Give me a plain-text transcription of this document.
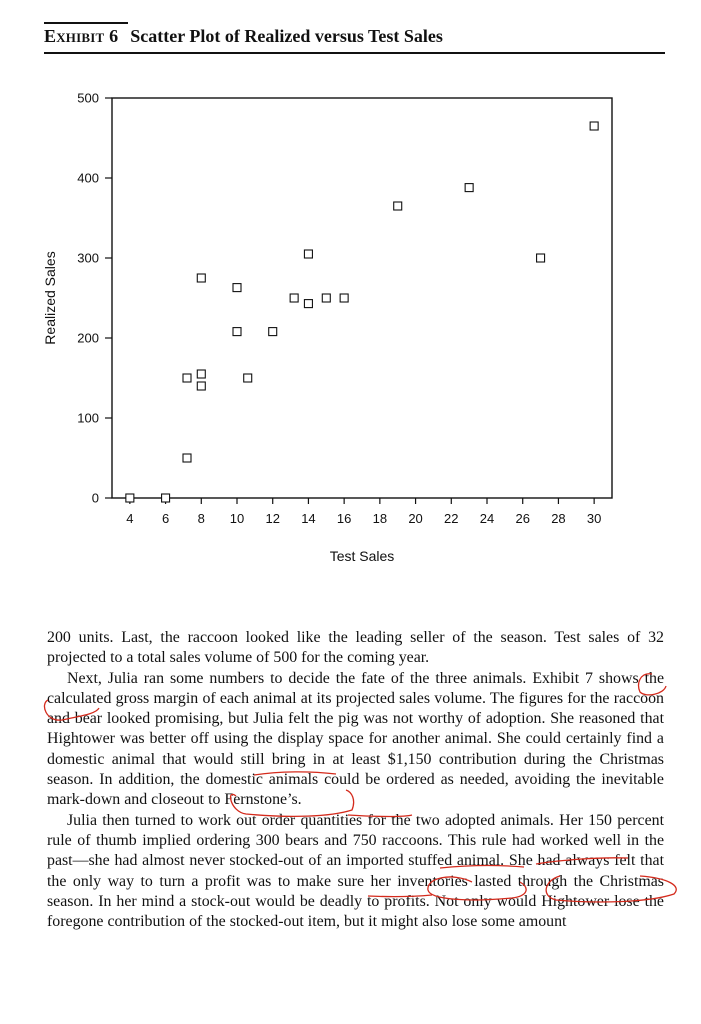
Exhibit 6 Scatter Plot of Realized versus Test Sales
0
100
200
300
400
500
4 6 8 10 12 14 16 18 20 22 24 26 28 30
Test Sales
Realized Sales

200 units. Last, the raccoon looked like the leading seller of the season. Test sales of 32 projected to a total sales volume of 500 for the coming year.

Next, Julia ran some numbers to decide the fate of the three animals. Exhibit 7 shows the calculated gross margin of each animal at its projected sales volume. The figures for the raccoon and bear looked promising, but Julia felt the pig was not worthy of adoption. She reasoned that Hightower was better off using the display space for another animal. She could certainly find a domestic animal that would still bring in at least $1,150 contribution during the Christmas season. In addition, the domestic animals could be ordered as needed, avoiding the inevitable mark-down and closeout to Fernstone’s.

Julia then turned to work out order quantities for the two adopted animals. Her 150 percent rule of thumb implied ordering 300 bears and 750 raccoons. This rule had worked well in the past—she had almost never stocked-out of an imported stuffed animal. She had always felt that the only way to turn a profit was to make sure her inventories lasted through the Christmas season. In her mind a stock-out would be deadly to profits. Not only would Hightower lose the foregone contribution of the stocked-out item, but it might also lose some amount
